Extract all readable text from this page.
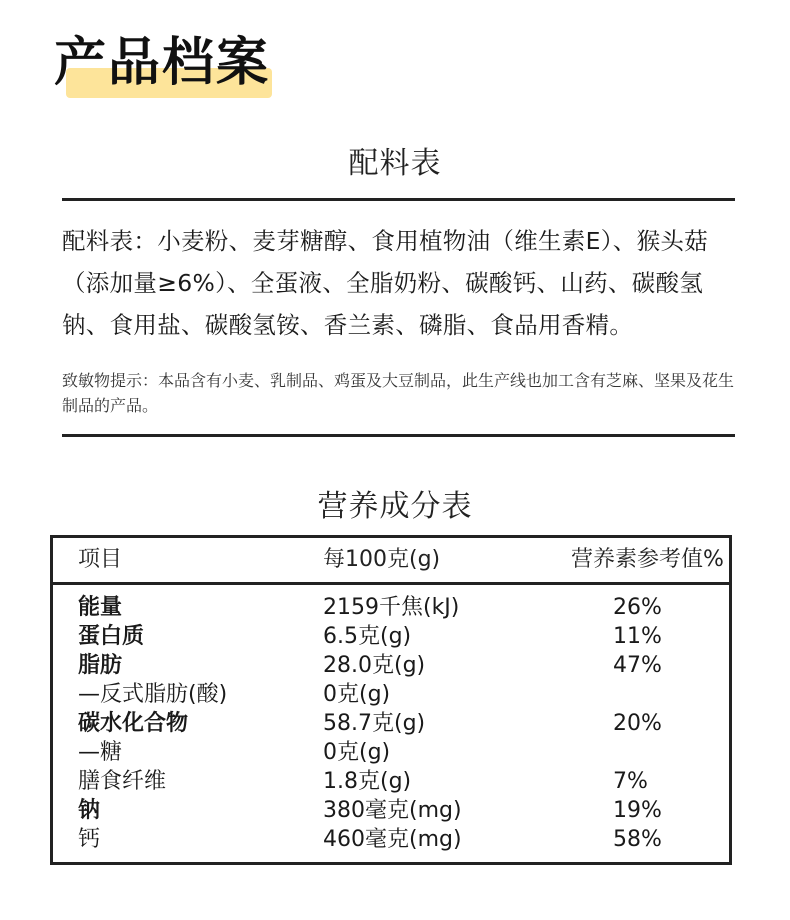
产品档案
配料表
配料表：小麦粉、麦芽糖醇、食用植物油（维生素E）、猴头菇（添加量≥6%）、全蛋液、全脂奶粉、碳酸钙、山药、碳酸氢钠、食用盐、碳酸氢铵、香兰素、磷脂、食品用香精。
致敏物提示：本品含有小麦、乳制品、鸡蛋及大豆制品，此生产线也加工含有芝麻、坚果及花生制品的产品。
营养成分表
项目	每100克(g)	营养素参考值%
能量	2159千焦(kJ)	26%
蛋白质	6.5克(g)	11%
脂肪	28.0克(g)	47%
—反式脂肪(酸)	0克(g)
碳水化合物	58.7克(g)	20%
—糖	0克(g)
膳食纤维	1.8克(g)	7%
钠	380毫克(mg)	19%
钙	460毫克(mg)	58%
